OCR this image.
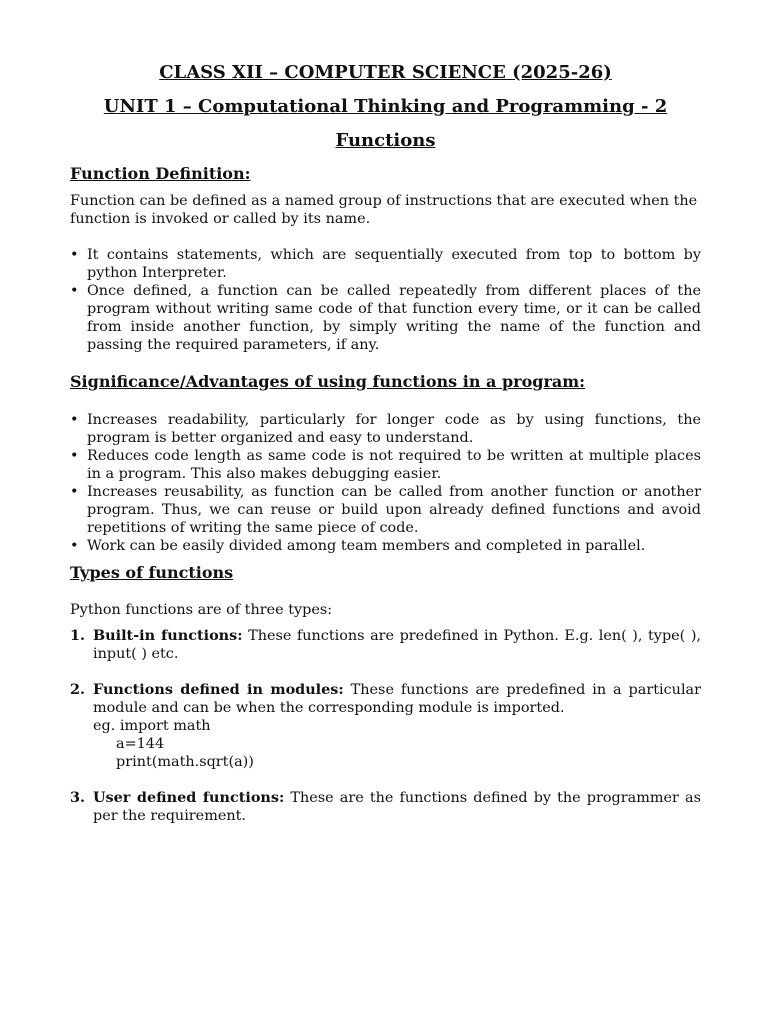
CLASS XII – COMPUTER SCIENCE (2025-26)
UNIT 1 – Computational Thinking and Programming - 2
Functions
Function Definition:

Function can be defined as a named group of instructions that are executed when the function is invoked or called by its name.

• It contains statements, which are sequentially executed from top to bottom by python Interpreter.
• Once defined, a function can be called repeatedly from different places of the program without writing same code of that function every time, or it can be called from inside another function, by simply writing the name of the function and passing the required parameters, if any.
Significance/Advantages of using functions in a program:
• Increases readability, particularly for longer code as by using functions, the program is better organized and easy to understand.
• Reduces code length as same code is not required to be written at multiple places in a program. This also makes debugging easier.
• Increases reusability, as function can be called from another function or another program. Thus, we can reuse or build upon already defined functions and avoid repetitions of writing the same piece of code.
• Work can be easily divided among team members and completed in parallel.
Types of functions

Python functions are of three types:

1. Built-in functions: These functions are predefined in Python. E.g. len( ), type( ), input( ) etc.
2. Functions defined in modules: These functions are predefined in a particular module and can be when the corresponding module is imported.
eg. import math
a=144
print(math.sqrt(a))
3. User defined functions: These are the functions defined by the programmer as per the requirement.
